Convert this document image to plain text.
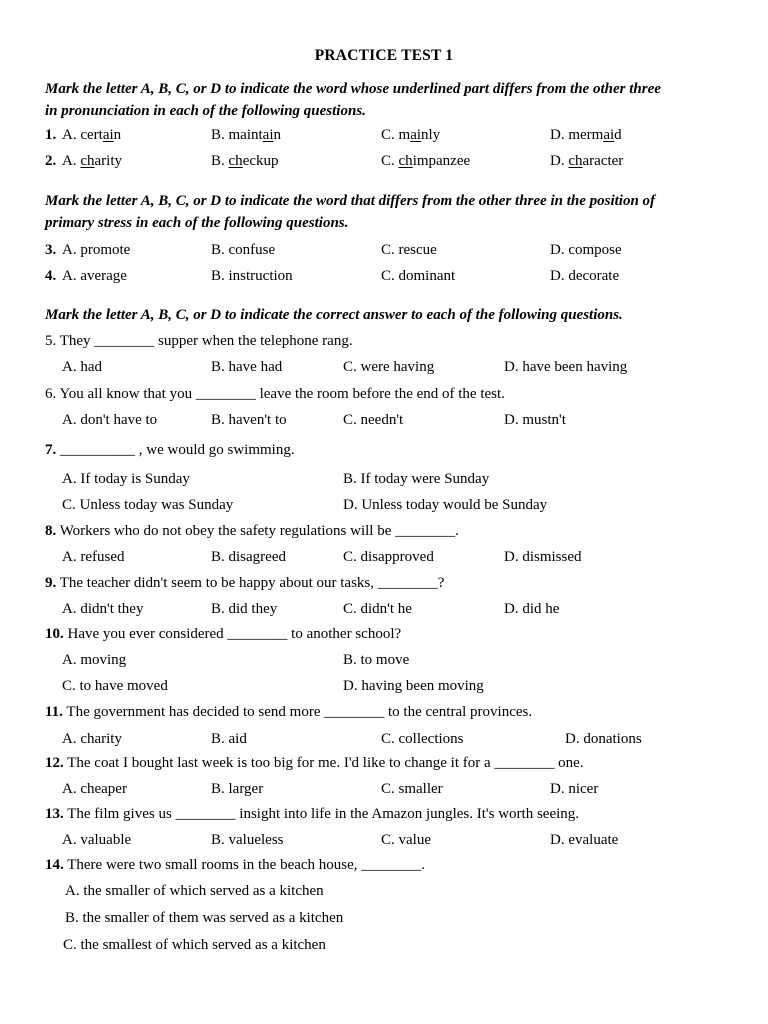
PRACTICE TEST 1
Mark the letter A, B, C, or D to indicate the word whose underlined part differs from the other three
in pronunciation in each of the following questions.
1. A. certain	B. maintain	C. mainly	D. mermaid
2. A. charity	B. checkup	C. chimpanzee	D. character
Mark the letter A, B, C, or D to indicate the word that differs from the other three in the position of
primary stress in each of the following questions.
3. A. promote	B. confuse	C. rescue	D. compose
4. A. average	B. instruction	C. dominant	D. decorate
Mark the letter A, B, C, or D to indicate the correct answer to each of the following questions.
5. They ________ supper when the telephone rang.
A. had	B. have had	C. were having	D. have been having
6. You all know that you ________ leave the room before the end of the test.
A. don't have to	B. haven't to	C. needn't	D. mustn't
7. __________ , we would go swimming.
A. If today is Sunday	B. If today were Sunday
C. Unless today was Sunday	D. Unless today would be Sunday
8. Workers who do not obey the safety regulations will be ________.
A. refused	B. disagreed	C. disapproved	D. dismissed
9. The teacher didn't seem to be happy about our tasks, ________?
A. didn't they	B. did they	C. didn't he	D. did he
10. Have you ever considered ________ to another school?
A. moving	B. to move
C. to have moved	D. having been moving
11. The government has decided to send more ________ to the central provinces.
A. charity	B. aid	C. collections	D. donations
12. The coat I bought last week is too big for me. I'd like to change it for a ________ one.
A. cheaper	B. larger	C. smaller	D. nicer
13. The film gives us ________ insight into life in the Amazon jungles. It's worth seeing.
A. valuable	B. valueless	C. value	D. evaluate
14. There were two small rooms in the beach house, ________.
A. the smaller of which served as a kitchen
B. the smaller of them was served as a kitchen
C. the smallest of which served as a kitchen
